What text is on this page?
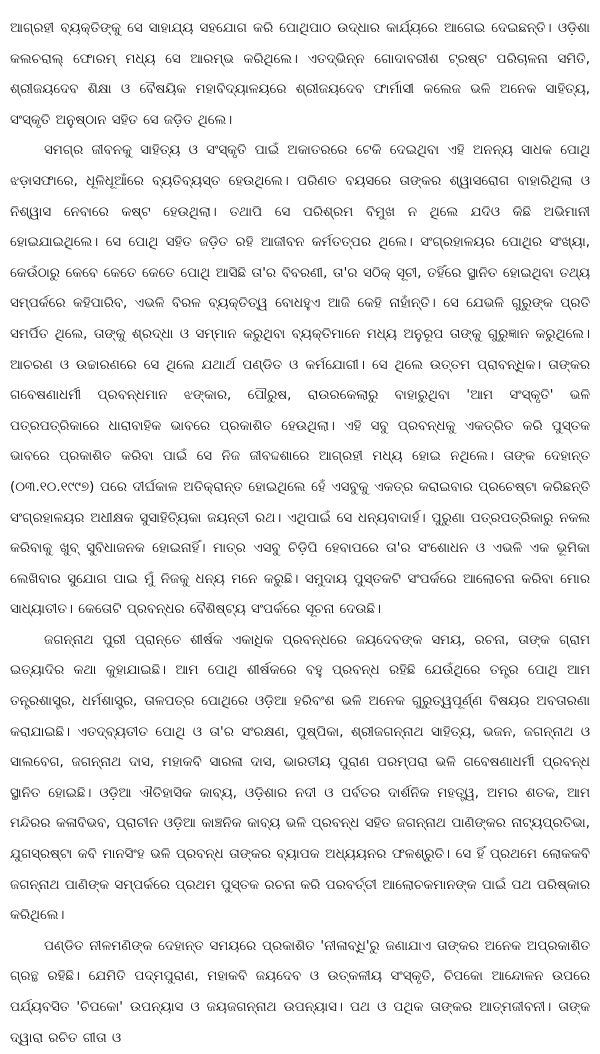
ଆଗ୍ରହୀ ବ୍ୟକ୍ତିଙ୍କୁ ସେ ସାହାଯ୍ୟ ସହଯୋଗ କରି ପୋଥିପାଠ ଉଦ୍ଧାର କାର୍ଯ୍ୟରେ ଆଗେଇ ଦେଇଛନ୍ତି। ଓଡ଼ିଶା କଲଚରାଲ୍ ଫୋରମ୍ ମଧ୍ୟ ସେ ଆରମ୍ଭ କରିଥିଲେ। ଏତଦ୍‌ଭିନ୍ନ ଗୋଦାବରୀଶ ଟ୍ରଷ୍ଟ ପରିଚାଳନା ସମିତି, ଶ୍ରୀଜୟଦେବ ଶିକ୍ଷା ଓ ବୈଷୟିକ ମହାବିଦ୍ୟାଳୟରେ ଶ୍ରୀଜୟଦେବ ଫାର୍ମାସୀ କଲେଜ ଭଳି ଅନେକ ସାହିତ୍ୟ, ସଂସ୍କୃତି ଅନୁଷ୍ଠାନ ସହିତ ସେ ଜଡ଼ିତ ଥିଲେ।

ସମଗ୍ର ଜୀବନକୁ ସାହିତ୍ୟ ଓ ସଂସ୍କୃତି ପାଇଁ ଅକାତରରେ ଟେକି ଦେଇଥିବା ଏହି ଅନନ୍ୟ ସାଧକ ପୋଥି ଝଡ଼ାସଫାରେ, ଧୂଳିଧୂଆଁରେ ବ୍ୟତିବ୍ୟସ୍ତ ହେଉଥିଲେ। ପରିଣତ ବୟସରେ ତାଙ୍କର ଶ୍ୱାସରୋଗ ବାହାରିଥିଲା ଓ ନିଶ୍ୱାସ ନେବାରେ କଷ୍ଟ ହେଉଥିଲା। ତଥାପି ସେ ପରିଶ୍ରମ ବିମୁଖ ନ ଥିଲେ ଯଦିଓ କିଛି ଅଭିମାନୀ ହୋଇଯାଇଥିଲେ। ସେ ପୋଥି ସହିତ ଜଡ଼ିତ ରହି ଆଜୀବନ କର୍ମତତ୍ପର ଥିଲେ। ସଂଗ୍ରହାଳୟର ପୋଥିର ସଂଖ୍ୟା, କେଉଁଠାରୁ କେବେ କେତେ କେତେ ପୋଥି ଆସିଛି ତା'ର ବିବରଣୀ, ତା'ର ସଠିକ୍ ସୂଚୀ, ତହିଁରେ ସ୍ଥାନିତ ହୋଇଥିବା ତଥ୍ୟ ସମ୍ପର୍କରେ କହିପାରିବ, ଏଭଳି ବିରଳ ବ୍ୟକ୍ତିତ୍ୱ ବୋଧହୁଏ ଆଜି କେହି ନାହାଁନ୍ତି। ସେ ଯେଭଳି ଗୁରୁଙ୍କ ପ୍ରତି ସମର୍ପିତ ଥିଲେ, ତାଙ୍କୁ ଶ୍ରଦ୍ଧା ଓ ସମ୍ମାନ କରୁଥିବା ବ୍ୟକ୍ତିମାନେ ମଧ୍ୟ ଅନୁରୂପ ତାଙ୍କୁ ଗୁରୁଜ୍ଞାନ କରୁଥିଲେ। ଆଚରଣ ଓ ଉଚ୍ଚାରଣରେ ସେ ଥିଲେ ଯଥାର୍ଥ ପଣ୍ଡିତ ଓ କର୍ମଯୋଗୀ। ସେ ଥିଲେ ଉତ୍ତମ ପ୍ରାବନ୍ଧିକ। ତାଙ୍କର ଗବେଷଣାଧର୍ମୀ ପ୍ରବନ୍ଧମାନ ଝଙ୍କାର, ପୌରୁଷ, ରାଉରକେଲାରୁ ବାହାରୁଥିବା 'ଆମ ସଂସ୍କୃତି' ଭଳି ପତ୍ରପତ୍ରିକାରେ ଧାରାବାହିକ ଭାବରେ ପ୍ରକାଶିତ ହେଉଥିଲା। ଏହି ସବୁ ପ୍ରବନ୍ଧକୁ ଏକତ୍ରିତ କରି ପୁସ୍ତକ ଭାବରେ ପ୍ରକାଶିତ କରିବା ପାଇଁ ସେ ନିଜ ଜୀବଦ୍ଦଶାରେ ଆଗ୍ରହୀ ମଧ୍ୟ ହୋଇ ନଥିଲେ। ତାଙ୍କ ଦେହାନ୍ତ (୦୩.୧୦.୧୯୯୭) ପରେ ଦୀର୍ଘକାଳ ଅତିକ୍ରାନ୍ତ ହୋଇଥିଲେ ହେଁ ଏସବୁକୁ ଏକତ୍ର କରାଇବାର ପ୍ରଚେଷ୍ଟା କରିଛନ୍ତି ସଂଗ୍ରହାଳୟର ଅଧୀକ୍ଷକ ସୁସାହିତ୍ୟିକା ଜୟନ୍ତୀ ରଥ। ଏଥିପାଇଁ ସେ ଧନ୍ୟବାଦାର୍ହ। ପୁରୁଣା ପତ୍ରପତ୍ରିକାରୁ ନକଲ କରିବାକୁ ଖୁବ୍ ସୁବିଧାଜନକ ହୋଇନାହିଁ। ମାତ୍ର ଏସବୁ ଚିଡ଼ିପି ହେବାପରେ ତା'ର ସଂଶୋଧନ ଓ ଏଭଳି ଏକ ଭୂମିକା ଲେଖିବାର ସୁଯୋଗ ପାଇ ମୁଁ ନିଜକୁ ଧନ୍ୟ ମନେ କରୁଛି। ସମୁଦାୟ ପୁସ୍ତକଟି ସଂପର୍କରେ ଆଲୋଚନା କରିବା ମୋର ସାଧ୍ୟାତୀତ। କେତୋଟି ପ୍ରବନ୍ଧର ବୈଶିଷ୍ଟ୍ୟ ସଂପର୍କରେ ସୂଚନା ଦେଉଛି।

ଜଗନ୍ନାଥ ପୁରୀ ପ୍ରାନ୍ତେ ଶୀର୍ଷକ ଏକାଧିକ ପ୍ରବନ୍ଧରେ ଜୟଦେବଙ୍କ ସମୟ, ରଚନା, ତାଙ୍କ ଗ୍ରାମ ଇତ୍ୟାଦିର କଥା କୁହାଯାଇଛି। ଆମ ପୋଥି ଶୀର୍ଷକରେ ବହୁ ପ୍ରବନ୍ଧ ରହିଛି ଯେଉଁଥିରେ ତନ୍ତ୍ର ପୋଥି ଆମ ତନ୍ତ୍ରଶାସ୍ତ୍ର, ଧର୍ମଶାସ୍ତ୍ର, ତାଳପତ୍ର ପୋଥିରେ ଓଡ଼ିଆ ହରିବଂଶ ଭଳି ଅନେକ ଗୁରୁତ୍ୱପୂର୍ଣ୍ଣ ବିଷୟର ଅବତାରଣା କରାଯାଇଛି। ଏତଦ୍‌ବ୍ୟତୀତ ପୋଥି ଓ ତା'ର ସଂରକ୍ଷଣ, ପୁଷ୍ପିକା, ଶ୍ରୀଜଗନ୍ନାଥ ସାହିତ୍ୟ, ଭଜନ, ଜଗନ୍ନାଥ ଓ ସାଲବେଗ, ଜଗନ୍ନାଥ ଦାସ, ମହାକବି ସାରଳା ଦାସ, ଭାରତୀୟ ପୁରାଣ ପରମ୍ପରା ଭଳି ଗବେଷଣାଧର୍ମୀ ପ୍ରବନ୍ଧ ସ୍ଥାନିତ ହୋଇଛି। ଓଡ଼ିଆ ଐତିହାସିକ କାବ୍ୟ, ଓଡ଼ିଶାର ନଦୀ ଓ ପର୍ବତର ଦାର୍ଶନିକ ମହତ୍ତ୍ୱ, ଅମର ଶତକ, ଆମ ମନ୍ଦିରର କଳାବିଭବ, ପ୍ରାଚୀନ ଓଡ଼ିଆ କାଞ୍ଚନିକ କାବ୍ୟ ଭଳି ପ୍ରବନ୍ଧ ସହିତ ଜଗନ୍ନାଥ ପାଣିଙ୍କର ନାଟ୍ୟପ୍ରତିଭା, ଯୁଗସ୍ରଷ୍ଟା କବି ମାନସିଂହ ଭଳି ପ୍ରବନ୍ଧ ତାଙ୍କର ବ୍ୟାପକ ଅଧ୍ୟୟନର ଫଳଶ୍ରୁତି। ସେ ହିଁ ପ୍ରଥମେ ଲୋକକବି ଜଗନ୍ନାଥ ପାଣିଙ୍କ ସମ୍ପର୍କରେ ପ୍ରଥମ ପୁସ୍ତକ ରଚନା କରି ପରବର୍ତ୍ତୀ ଆଲୋଚକମାନଙ୍କ ପାଇଁ ପଥ ପରିଷ୍କାର କରିଥିଲେ।

ପଣ୍ଡିତ ନୀଳମଣିଙ୍କ ଦେହାନ୍ତ ସମୟରେ ପ୍ରକାଶିତ 'ନୀଳାବ୍ଧି'ରୁ ଜଣାଯାଏ ତାଙ୍କର ଅନେକ ଅପ୍ରକାଶିତ ଗ୍ରନ୍ଥ ରହିଛି। ଯେମିତି ପଦ୍ମପୁରାଣ, ମହାକବି ଜୟଦେବ ଓ ଉତ୍କଳୀୟ ସଂସ୍କୃତି, ଚିପକୋ ଆନ୍ଦୋଳନ ଉପରେ ପର୍ଯ୍ୟବସିତ 'ଚିପକୋ' ଉପନ୍ୟାସ ଓ ଜୟଜଗନ୍ନାଥ ଉପନ୍ୟାସ। ପଥ ଓ ପଥିକ ତାଙ୍କର ଆତ୍ମଜୀବନୀ। ତାଙ୍କ ଦ୍ୱାରା ରଚିତ ଗୀତା ଓ
